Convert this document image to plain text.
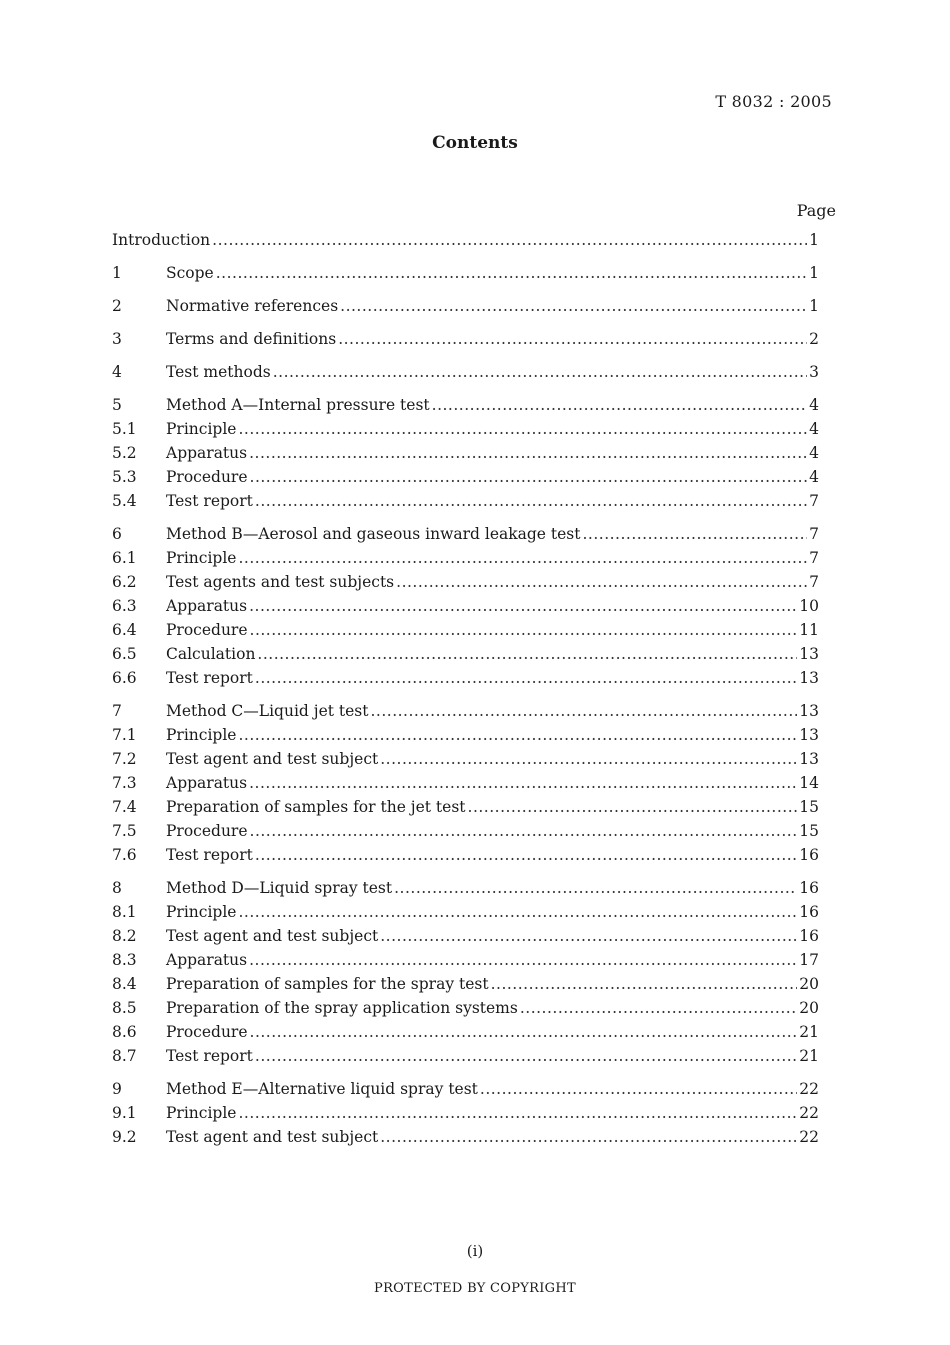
T 8032 : 2005
Contents
Page
Introduction .....	1
1	Scope .....	1
2	Normative references .....	1
3	Terms and definitions .....	2
4	Test methods .....	3
5	Method A—Internal pressure test .....	4
5.1	Principle .....	4
5.2	Apparatus .....	4
5.3	Procedure .....	4
5.4	Test report .....	7
6	Method B—Aerosol and gaseous inward leakage test .....	7
6.1	Principle .....	7
6.2	Test agents and test subjects .....	7
6.3	Apparatus .....	10
6.4	Procedure .....	11
6.5	Calculation .....	13
6.6	Test report .....	13
7	Method C—Liquid jet test .....	13
7.1	Principle .....	13
7.2	Test agent and test subject .....	13
7.3	Apparatus .....	14
7.4	Preparation of samples for the jet test .....	15
7.5	Procedure .....	15
7.6	Test report .....	16
8	Method D—Liquid spray test .....	16
8.1	Principle .....	16
8.2	Test agent and test subject .....	16
8.3	Apparatus .....	17
8.4	Preparation of samples for the spray test .....	20
8.5	Preparation of the spray application systems .....	20
8.6	Procedure .....	21
8.7	Test report .....	21
9	Method E—Alternative liquid spray test .....	22
9.1	Principle .....	22
9.2	Test agent and test subject .....	22
(i)
PROTECTED BY COPYRIGHT
